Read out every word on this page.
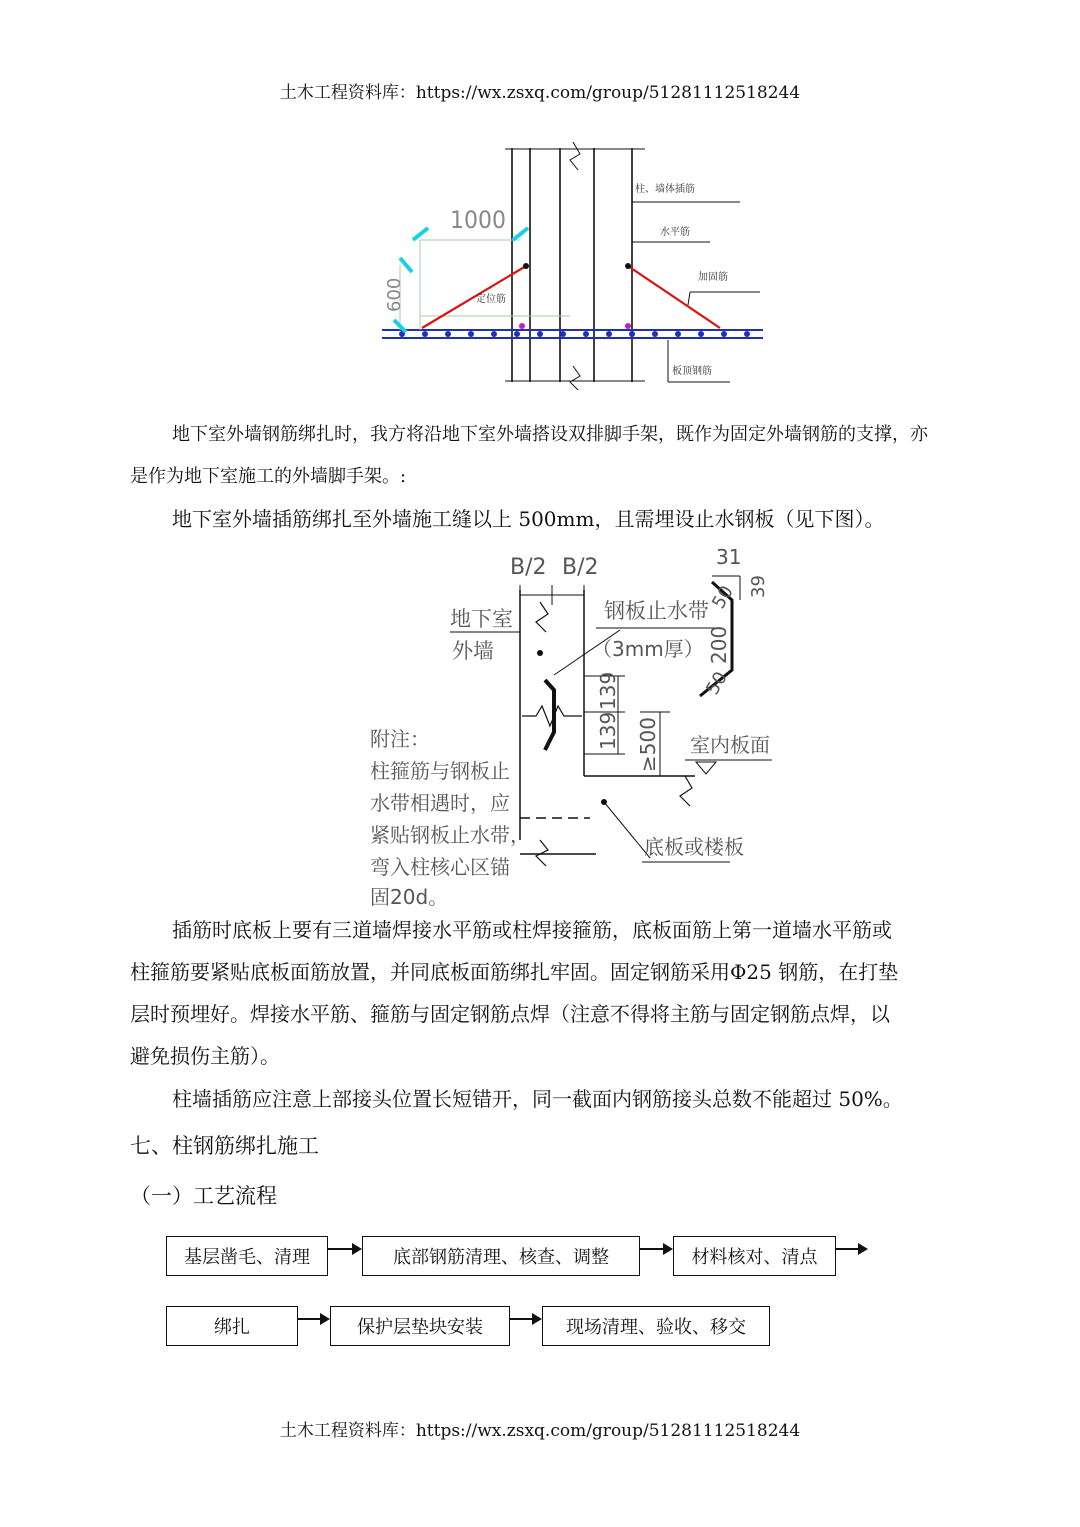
土木工程资料库：https://wx.zsxq.com/group/51281112518244
1000
600
柱、墙体插筋
水平筋
加固筋
定位筋
板顶钢筋
地下室外墙钢筋绑扎时，我方将沿地下室外墙搭设双排脚手架，既作为固定外墙钢筋的支撑，亦
是作为地下室施工的外墙脚手架。:
地下室外墙插筋绑扎至外墙施工缝以上 500mm，且需埋设止水钢板（见下图）。
B/2 B/2
地下室
外墙
钢板止水带
（3mm厚）
139
139 ≥500 室内板面
底板或楼板
31
39
50
200
50
附注：
柱箍筋与钢板止
水带相遇时，应
紧贴钢板止水带，
弯入柱核心区锚
固20d。
插筋时底板上要有三道墙焊接水平筋或柱焊接箍筋，底板面筋上第一道墙水平筋或
柱箍筋要紧贴底板面筋放置，并同底板面筋绑扎牢固。固定钢筋采用Φ25 钢筋，在打垫
层时预埋好。焊接水平筋、箍筋与固定钢筋点焊（注意不得将主筋与固定钢筋点焊，以
避免损伤主筋）。
柱墙插筋应注意上部接头位置长短错开，同一截面内钢筋接头总数不能超过 50%。
七、柱钢筋绑扎施工
（一）工艺流程
基层凿毛、清理	底部钢筋清理、核查、调整	材料核对、清点
绑扎	保护层垫块安装	现场清理、验收、移交
土木工程资料库：https://wx.zsxq.com/group/51281112518244
